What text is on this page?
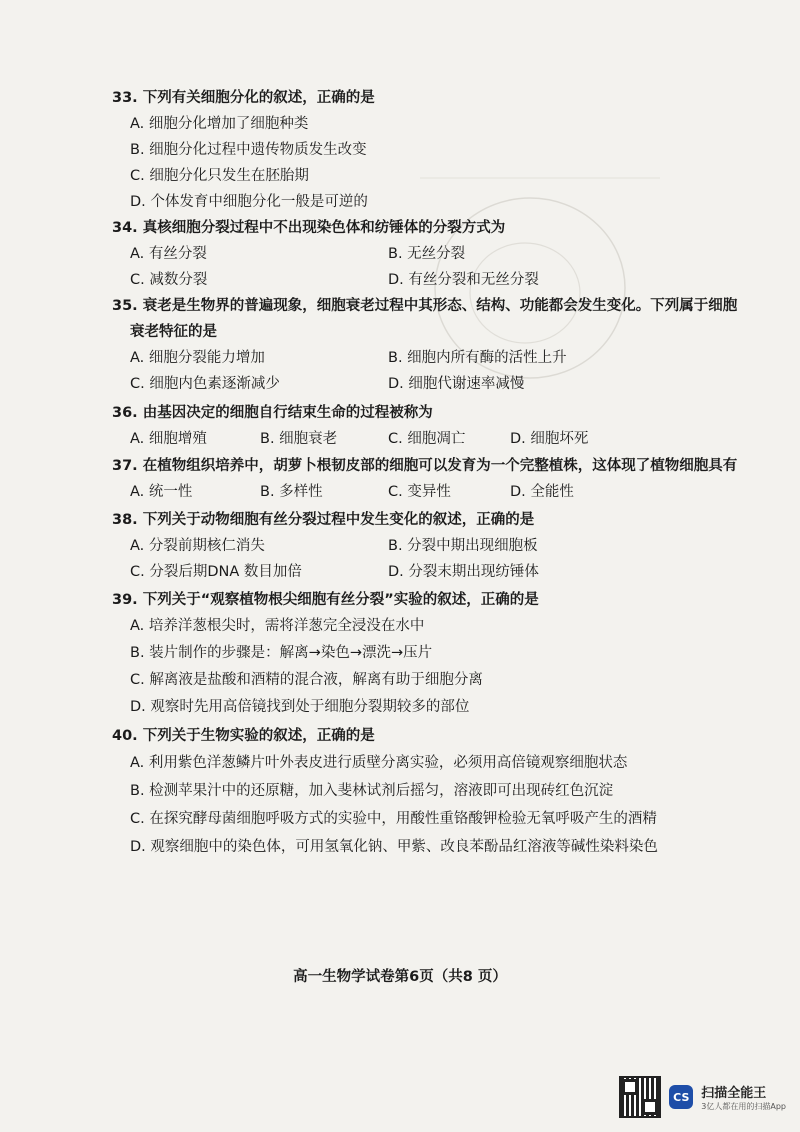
33. 下列有关细胞分化的叙述，正确的是
A. 细胞分化增加了细胞种类
B. 细胞分化过程中遗传物质发生改变
C. 细胞分化只发生在胚胎期
D. 个体发育中细胞分化一般是可逆的
34. 真核细胞分裂过程中不出现染色体和纺锤体的分裂方式为
A. 有丝分裂	B. 无丝分裂
C. 减数分裂	D. 有丝分裂和无丝分裂
35. 衰老是生物界的普遍现象，细胞衰老过程中其形态、结构、功能都会发生变化。下列属于细胞
衰老特征的是
A. 细胞分裂能力增加	B. 细胞内所有酶的活性上升
C. 细胞内色素逐渐减少	D. 细胞代谢速率减慢
36. 由基因决定的细胞自行结束生命的过程被称为
A. 细胞增殖	B. 细胞衰老	C. 细胞凋亡	D. 细胞坏死
37. 在植物组织培养中，胡萝卜根韧皮部的细胞可以发育为一个完整植株，这体现了植物细胞具有
A. 统一性	B. 多样性	C. 变异性	D. 全能性
38. 下列关于动物细胞有丝分裂过程中发生变化的叙述，正确的是
A. 分裂前期核仁消失	B. 分裂中期出现细胞板
C. 分裂后期DNA 数目加倍	D. 分裂末期出现纺锤体
39. 下列关于“观察植物根尖细胞有丝分裂”实验的叙述，正确的是
A. 培养洋葱根尖时，需将洋葱完全浸没在水中
B. 装片制作的步骤是：解离→染色→漂洗→压片
C. 解离液是盐酸和酒精的混合液，解离有助于细胞分离
D. 观察时先用高倍镜找到处于细胞分裂期较多的部位
40. 下列关于生物实验的叙述，正确的是
A. 利用紫色洋葱鳞片叶外表皮进行质壁分离实验，必须用高倍镜观察细胞状态
B. 检测苹果汁中的还原糖，加入斐林试剂后摇匀，溶液即可出现砖红色沉淀
C. 在探究酵母菌细胞呼吸方式的实验中，用酸性重铬酸钾检验无氧呼吸产生的酒精
D. 观察细胞中的染色体，可用氢氧化钠、甲紫、改良苯酚品红溶液等碱性染料染色
高一生物学试卷第6页（共8 页）
CS 扫描全能王
3亿人都在用的扫描App
